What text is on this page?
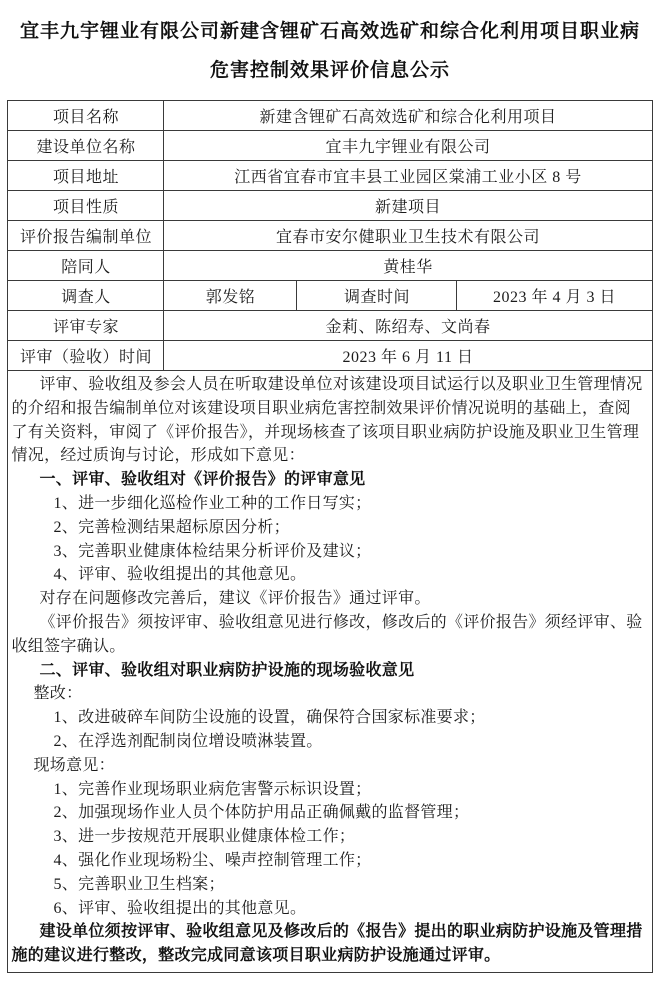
宜丰九宇锂业有限公司新建含锂矿石高效选矿和综合化利用项目职业病
危害控制效果评价信息公示
项目名称	新建含锂矿石高效选矿和综合化利用项目		
建设单位名称	宜丰九宇锂业有限公司		
项目地址	江西省宜春市宜丰县工业园区棠浦工业小区 8 号		
项目性质	新建项目		
评价报告编制单位	宜春市安尔健职业卫生技术有限公司		
陪同人	黄桂华		
调查人	郭发铭	调查时间	2023 年 4 月 3 日
评审专家	金莉、陈绍寿、文尚春		
评审（验收）时间	2023 年 6 月 11 日		

评审、验收组及参会人员在听取建设单位对该建设项目试运行以及职业卫生管理情况的介绍和报告编制单位对该建设项目职业病危害控制效果评价情况说明的基础上，查阅了有关资料，审阅了《评价报告》，并现场核查了该项目职业病防护设施及职业卫生管理情况，经过质询与讨论，形成如下意见：

一、评审、验收组对《评价报告》的评审意见

1、进一步细化巡检作业工种的工作日写实；

2、完善检测结果超标原因分析；

3、完善职业健康体检结果分析评价及建议；

4、评审、验收组提出的其他意见。

对存在问题修改完善后，建议《评价报告》通过评审。

《评价报告》须按评审、验收组意见进行修改，修改后的《评价报告》须经评审、验收组签字确认。

二、评审、验收组对职业病防护设施的现场验收意见

整改：

1、改进破碎车间防尘设施的设置，确保符合国家标准要求；

2、在浮选剂配制岗位增设喷淋装置。

现场意见：

1、完善作业现场职业病危害警示标识设置；

2、加强现场作业人员个体防护用品正确佩戴的监督管理；

3、进一步按规范开展职业健康体检工作；

4、强化作业现场粉尘、噪声控制管理工作；

5、完善职业卫生档案；

6、评审、验收组提出的其他意见。

建设单位须按评审、验收组意见及修改后的《报告》提出的职业病防护设施及管理措施的建议进行整改，整改完成同意该项目职业病防护设施通过评审。
